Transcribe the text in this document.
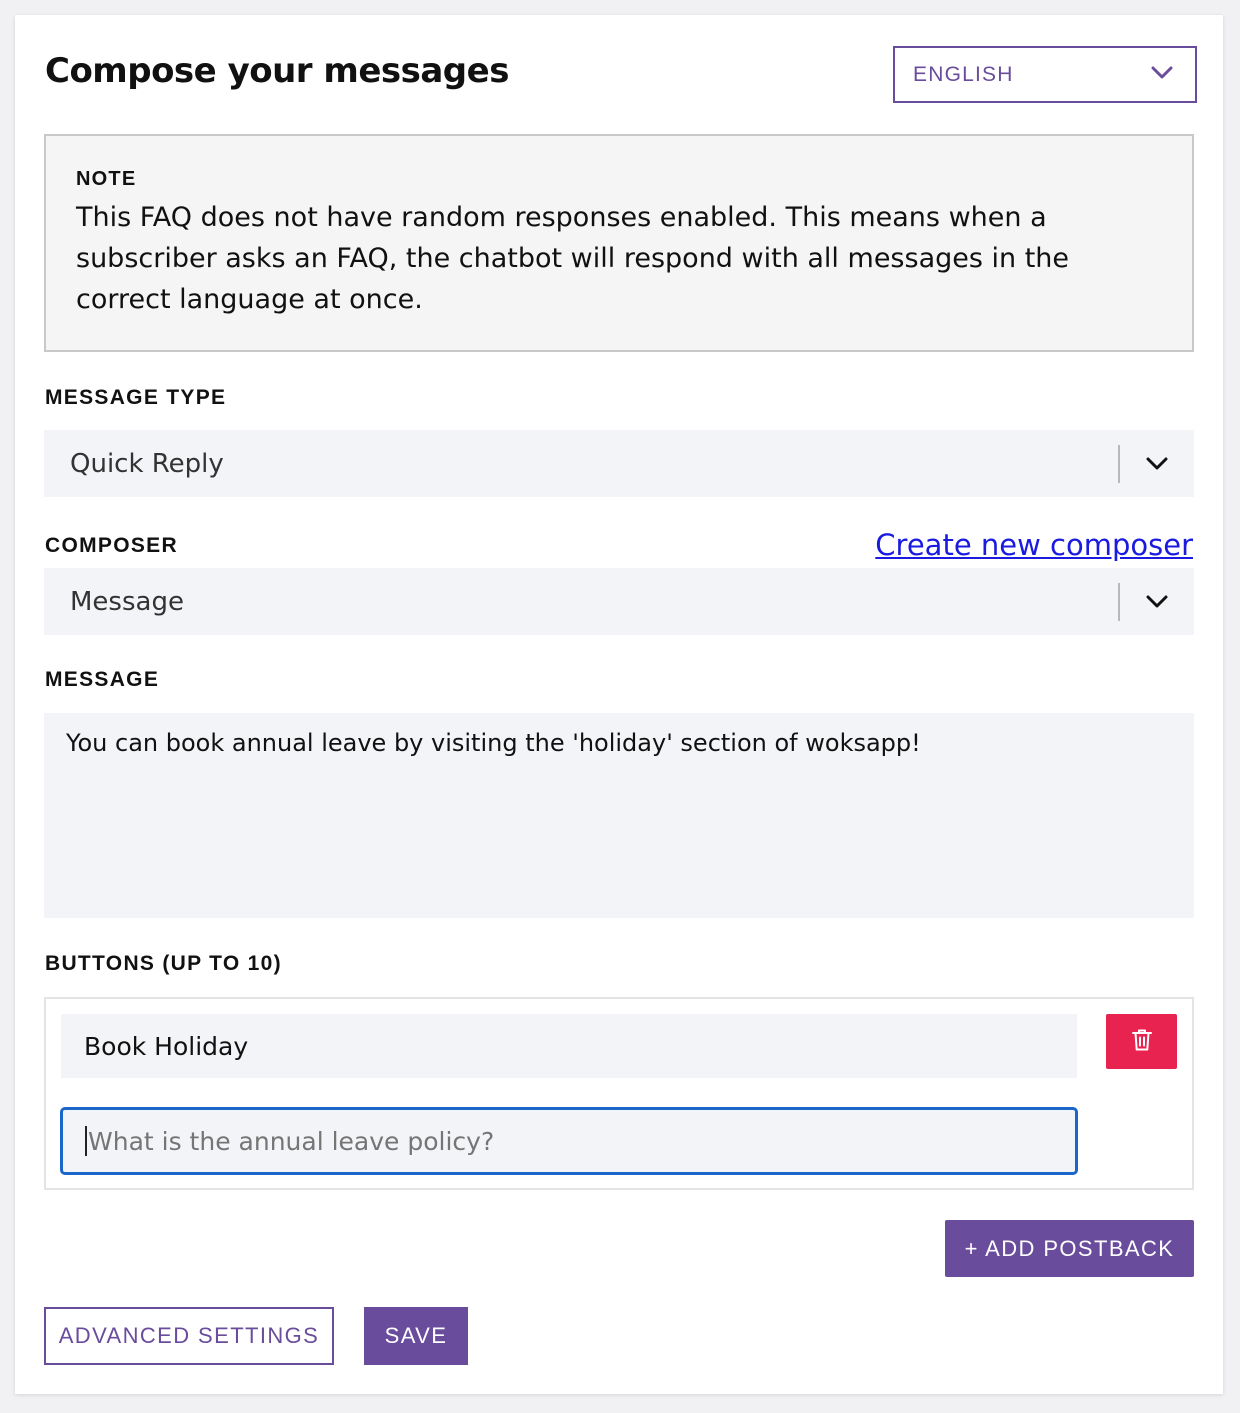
Compose your messages	ENGLISH
NOTE
This FAQ does not have random responses enabled. This means when a subscriber asks an FAQ, the chatbot will respond with all messages in the correct language at once.
MESSAGE TYPE
Quick Reply
COMPOSER	Create new composer
Message
MESSAGE
You can book annual leave by visiting the 'holiday' section of woksapp!
BUTTONS (UP TO 10)
Book Holiday
What is the annual leave policy?
+ ADD POSTBACK
ADVANCED SETTINGS	SAVE
